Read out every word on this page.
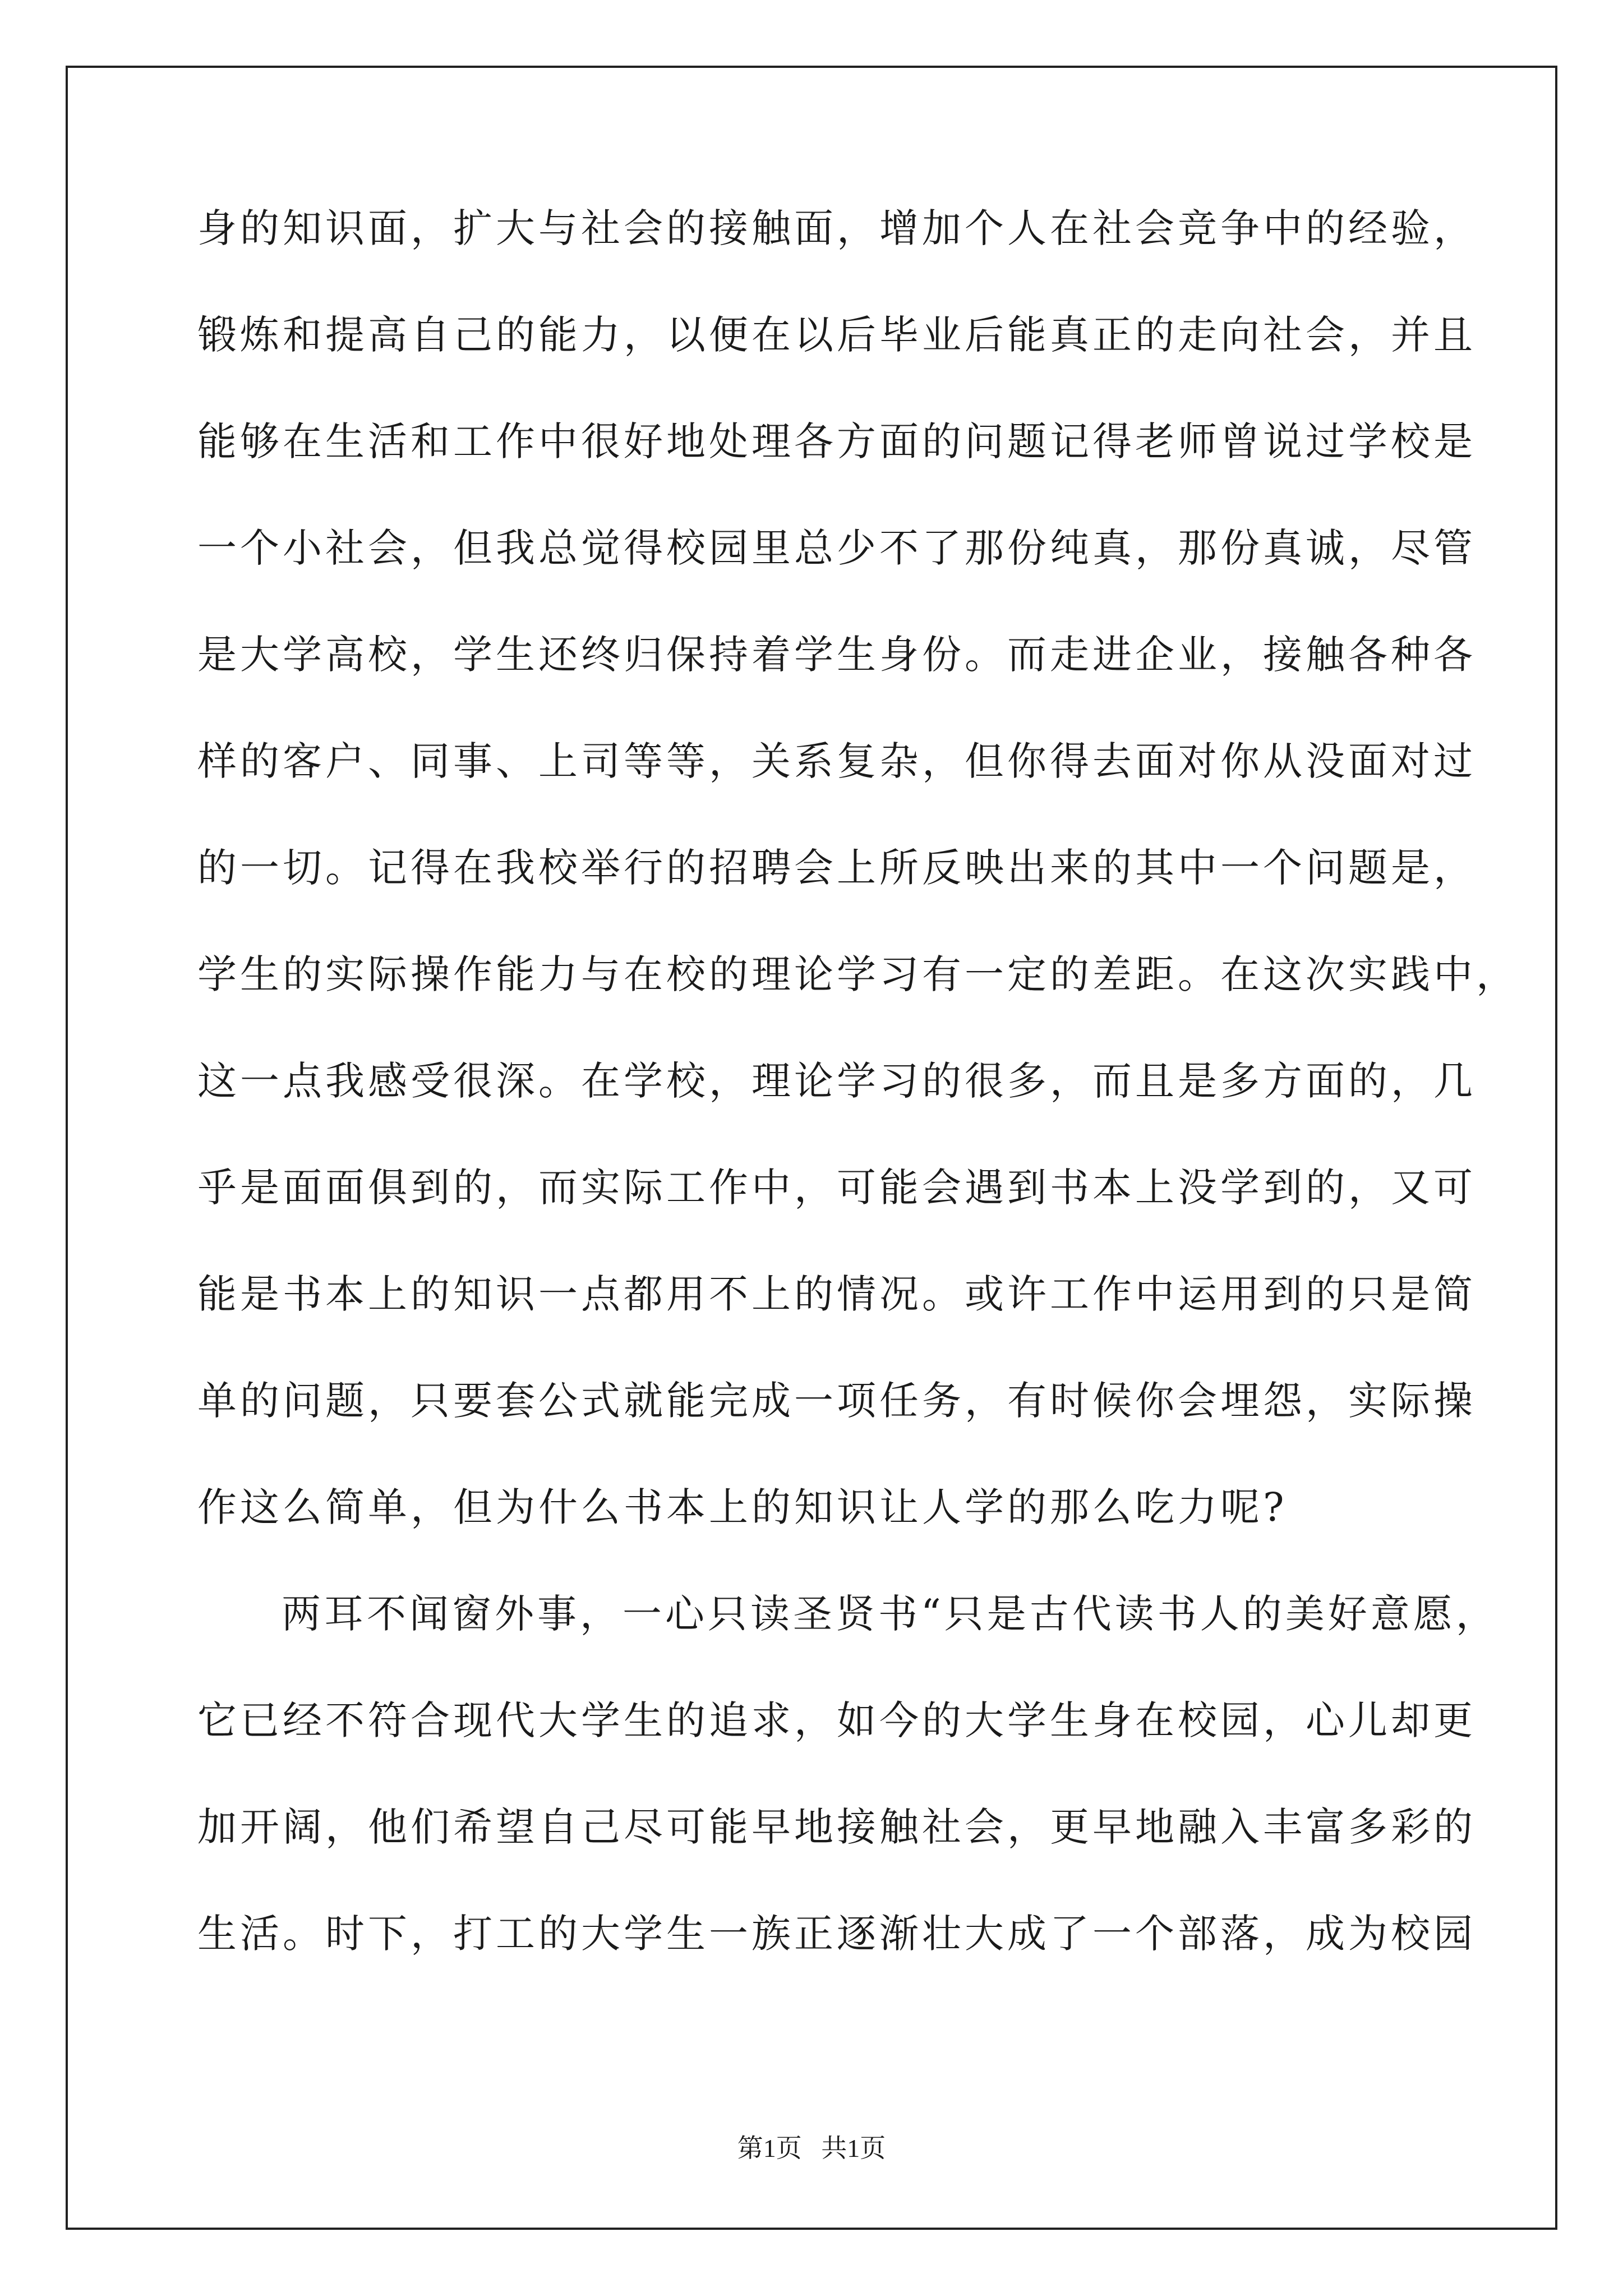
身的知识面，扩大与社会的接触面，增加个人在社会竞争中的经验，
锻炼和提高自己的能力，以便在以后毕业后能真正的走向社会，并且
能够在生活和工作中很好地处理各方面的问题记得老师曾说过学校是
一个小社会，但我总觉得校园里总少不了那份纯真，那份真诚，尽管
是大学高校，学生还终归保持着学生身份。而走进企业，接触各种各
样的客户、同事、上司等等，关系复杂，但你得去面对你从没面对过
的一切。记得在我校举行的招聘会上所反映出来的其中一个问题是，
学生的实际操作能力与在校的理论学习有一定的差距。在这次实践中，
这一点我感受很深。在学校，理论学习的很多，而且是多方面的，几
乎是面面俱到的，而实际工作中，可能会遇到书本上没学到的，又可
能是书本上的知识一点都用不上的情况。或许工作中运用到的只是简
单的问题，只要套公式就能完成一项任务，有时候你会埋怨，实际操
作这么简单，但为什么书本上的知识让人学的那么吃力呢?
两耳不闻窗外事，一心只读圣贤书“只是古代读书人的美好意愿，
它已经不符合现代大学生的追求，如今的大学生身在校园，心儿却更
加开阔，他们希望自己尽可能早地接触社会，更早地融入丰富多彩的
生活。时下，打工的大学生一族正逐渐壮大成了一个部落，成为校园
第1页   共1页
